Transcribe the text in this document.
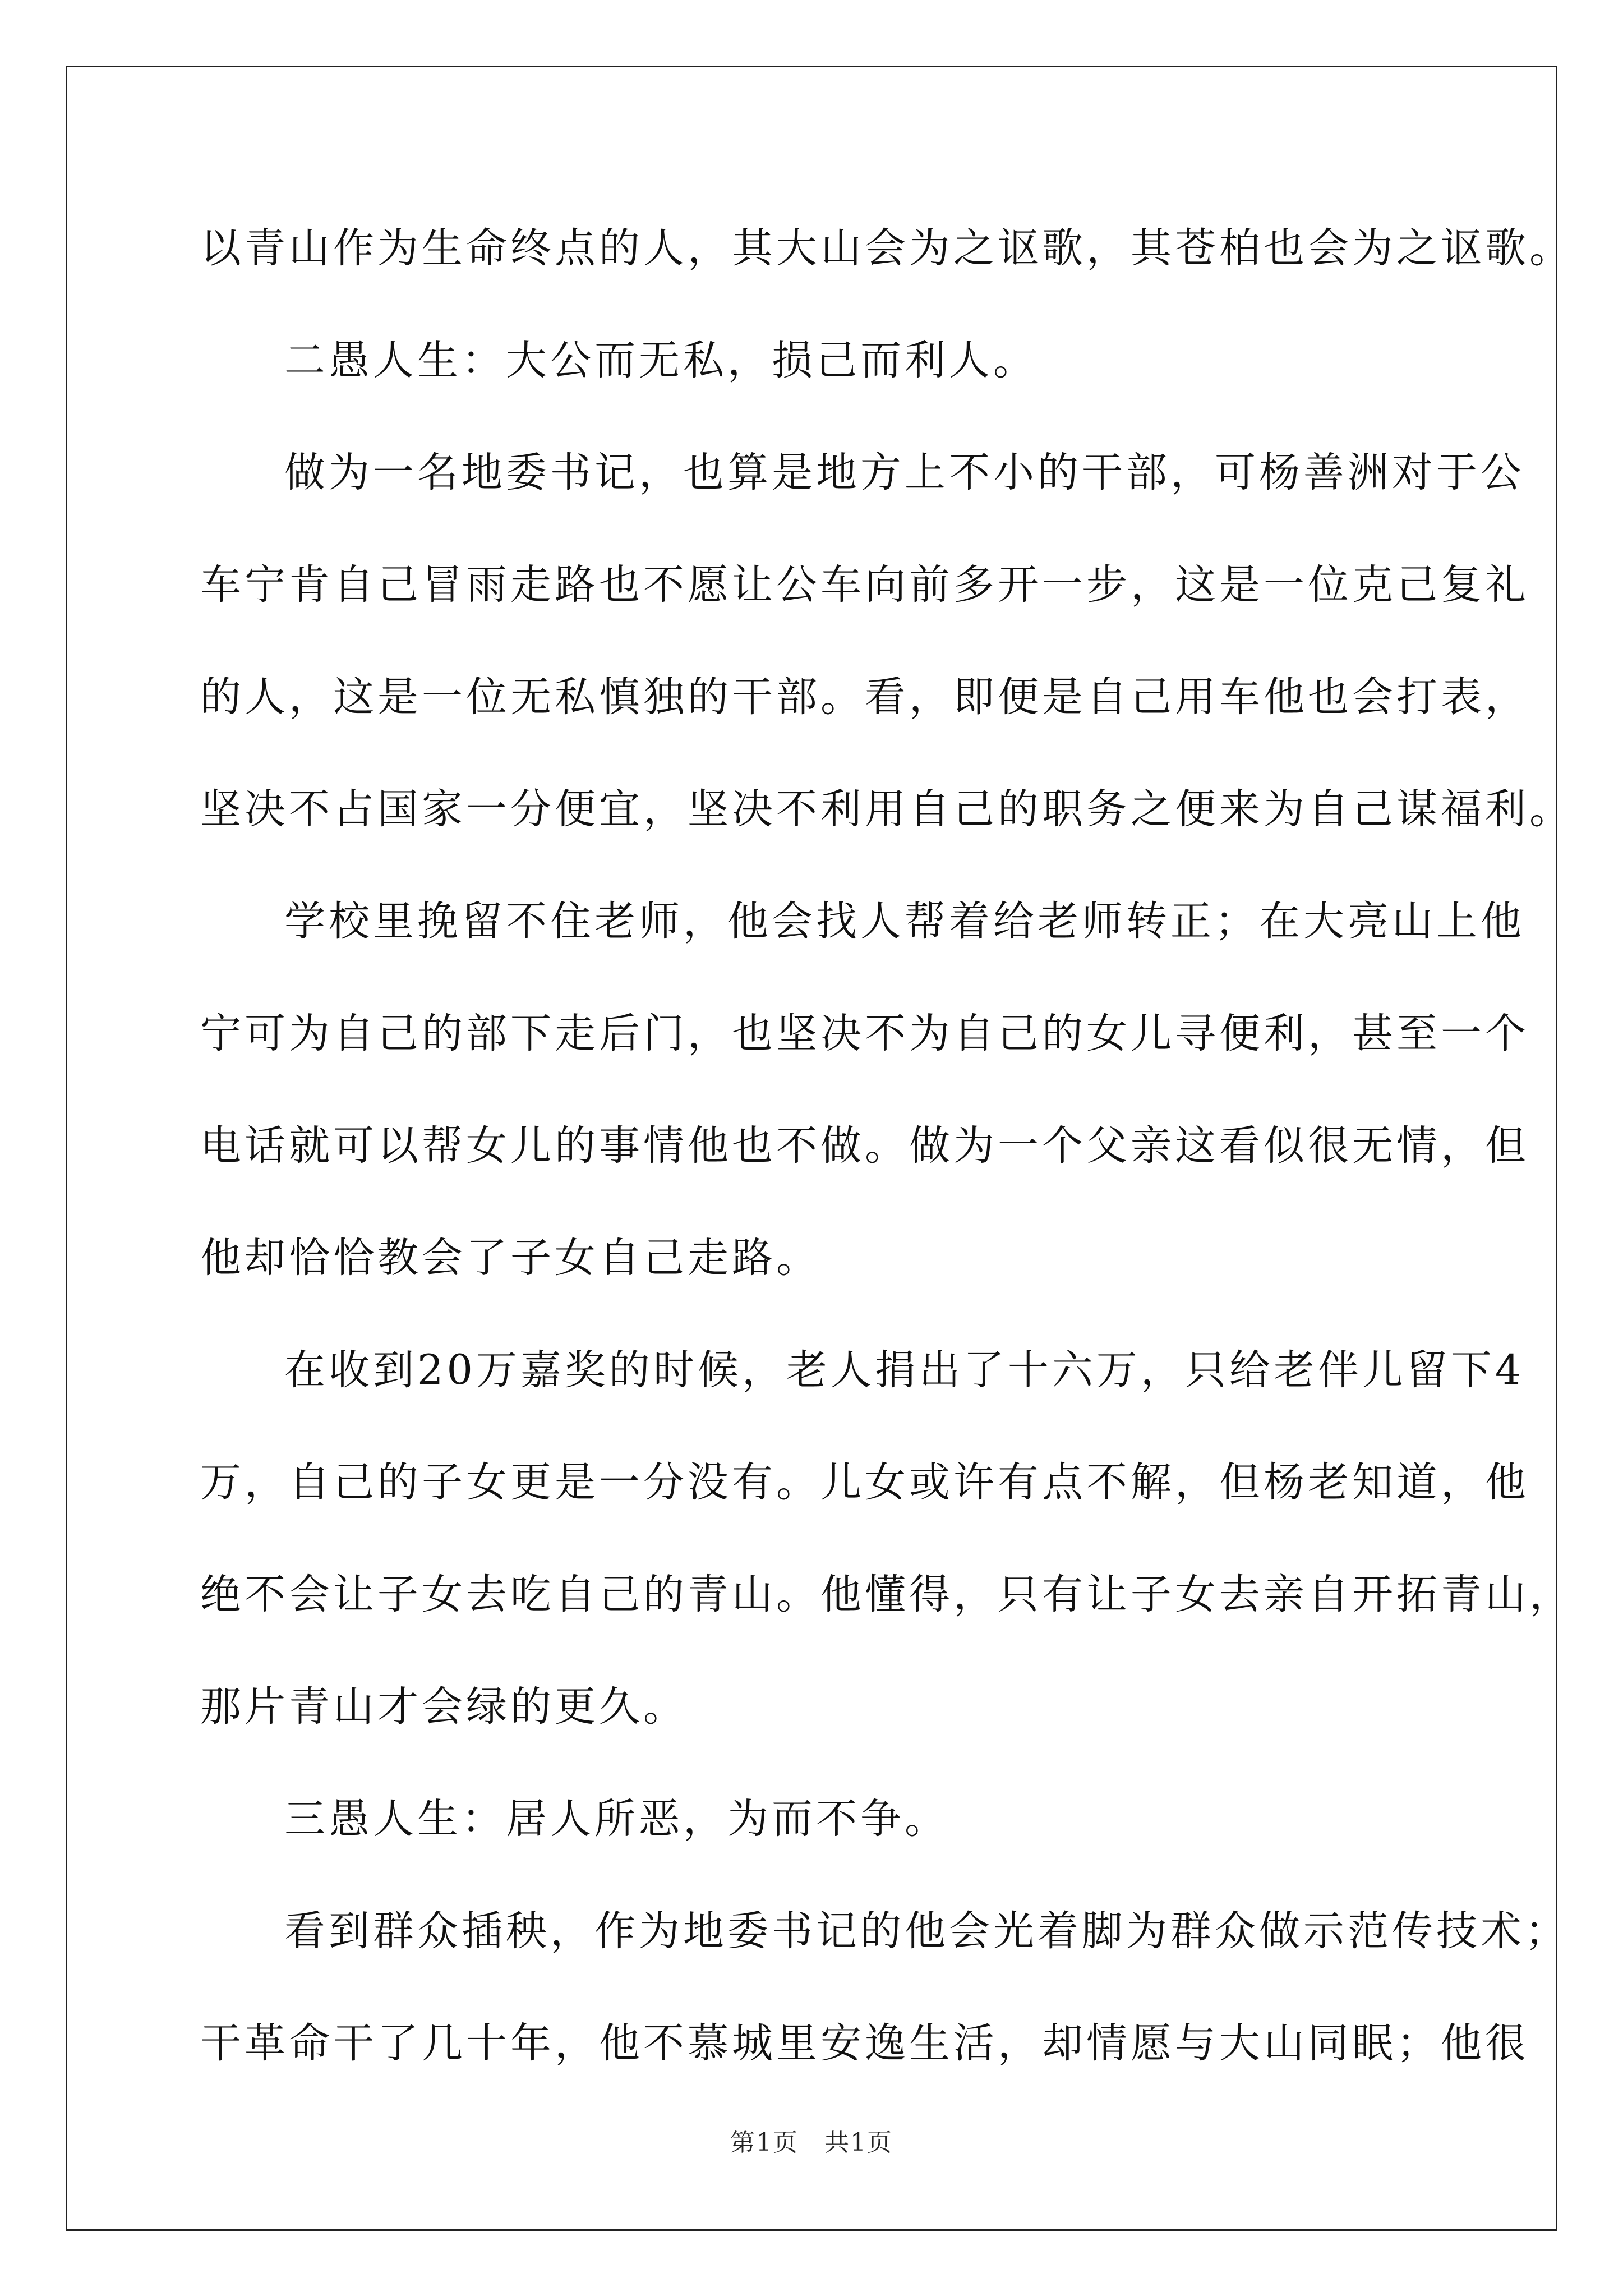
以青山作为生命终点的人，其大山会为之讴歌，其苍柏也会为之讴歌。
二愚人生：大公而无私，损己而利人。
做为一名地委书记，也算是地方上不小的干部，可杨善洲对于公
车宁肯自己冒雨走路也不愿让公车向前多开一步，这是一位克己复礼
的人，这是一位无私慎独的干部。看，即便是自己用车他也会打表，
坚决不占国家一分便宜，坚决不利用自己的职务之便来为自己谋福利。
学校里挽留不住老师，他会找人帮着给老师转正；在大亮山上他
宁可为自己的部下走后门，也坚决不为自己的女儿寻便利，甚至一个
电话就可以帮女儿的事情他也不做。做为一个父亲这看似很无情，但
他却恰恰教会了子女自己走路。
在收到20万嘉奖的时候，老人捐出了十六万，只给老伴儿留下4
万，自己的子女更是一分没有。儿女或许有点不解，但杨老知道，他
绝不会让子女去吃自己的青山。他懂得，只有让子女去亲自开拓青山，
那片青山才会绿的更久。
三愚人生：居人所恶，为而不争。
看到群众插秧，作为地委书记的他会光着脚为群众做示范传技术；
干革命干了几十年，他不慕城里安逸生活，却情愿与大山同眠；他很
第1页　共1页
